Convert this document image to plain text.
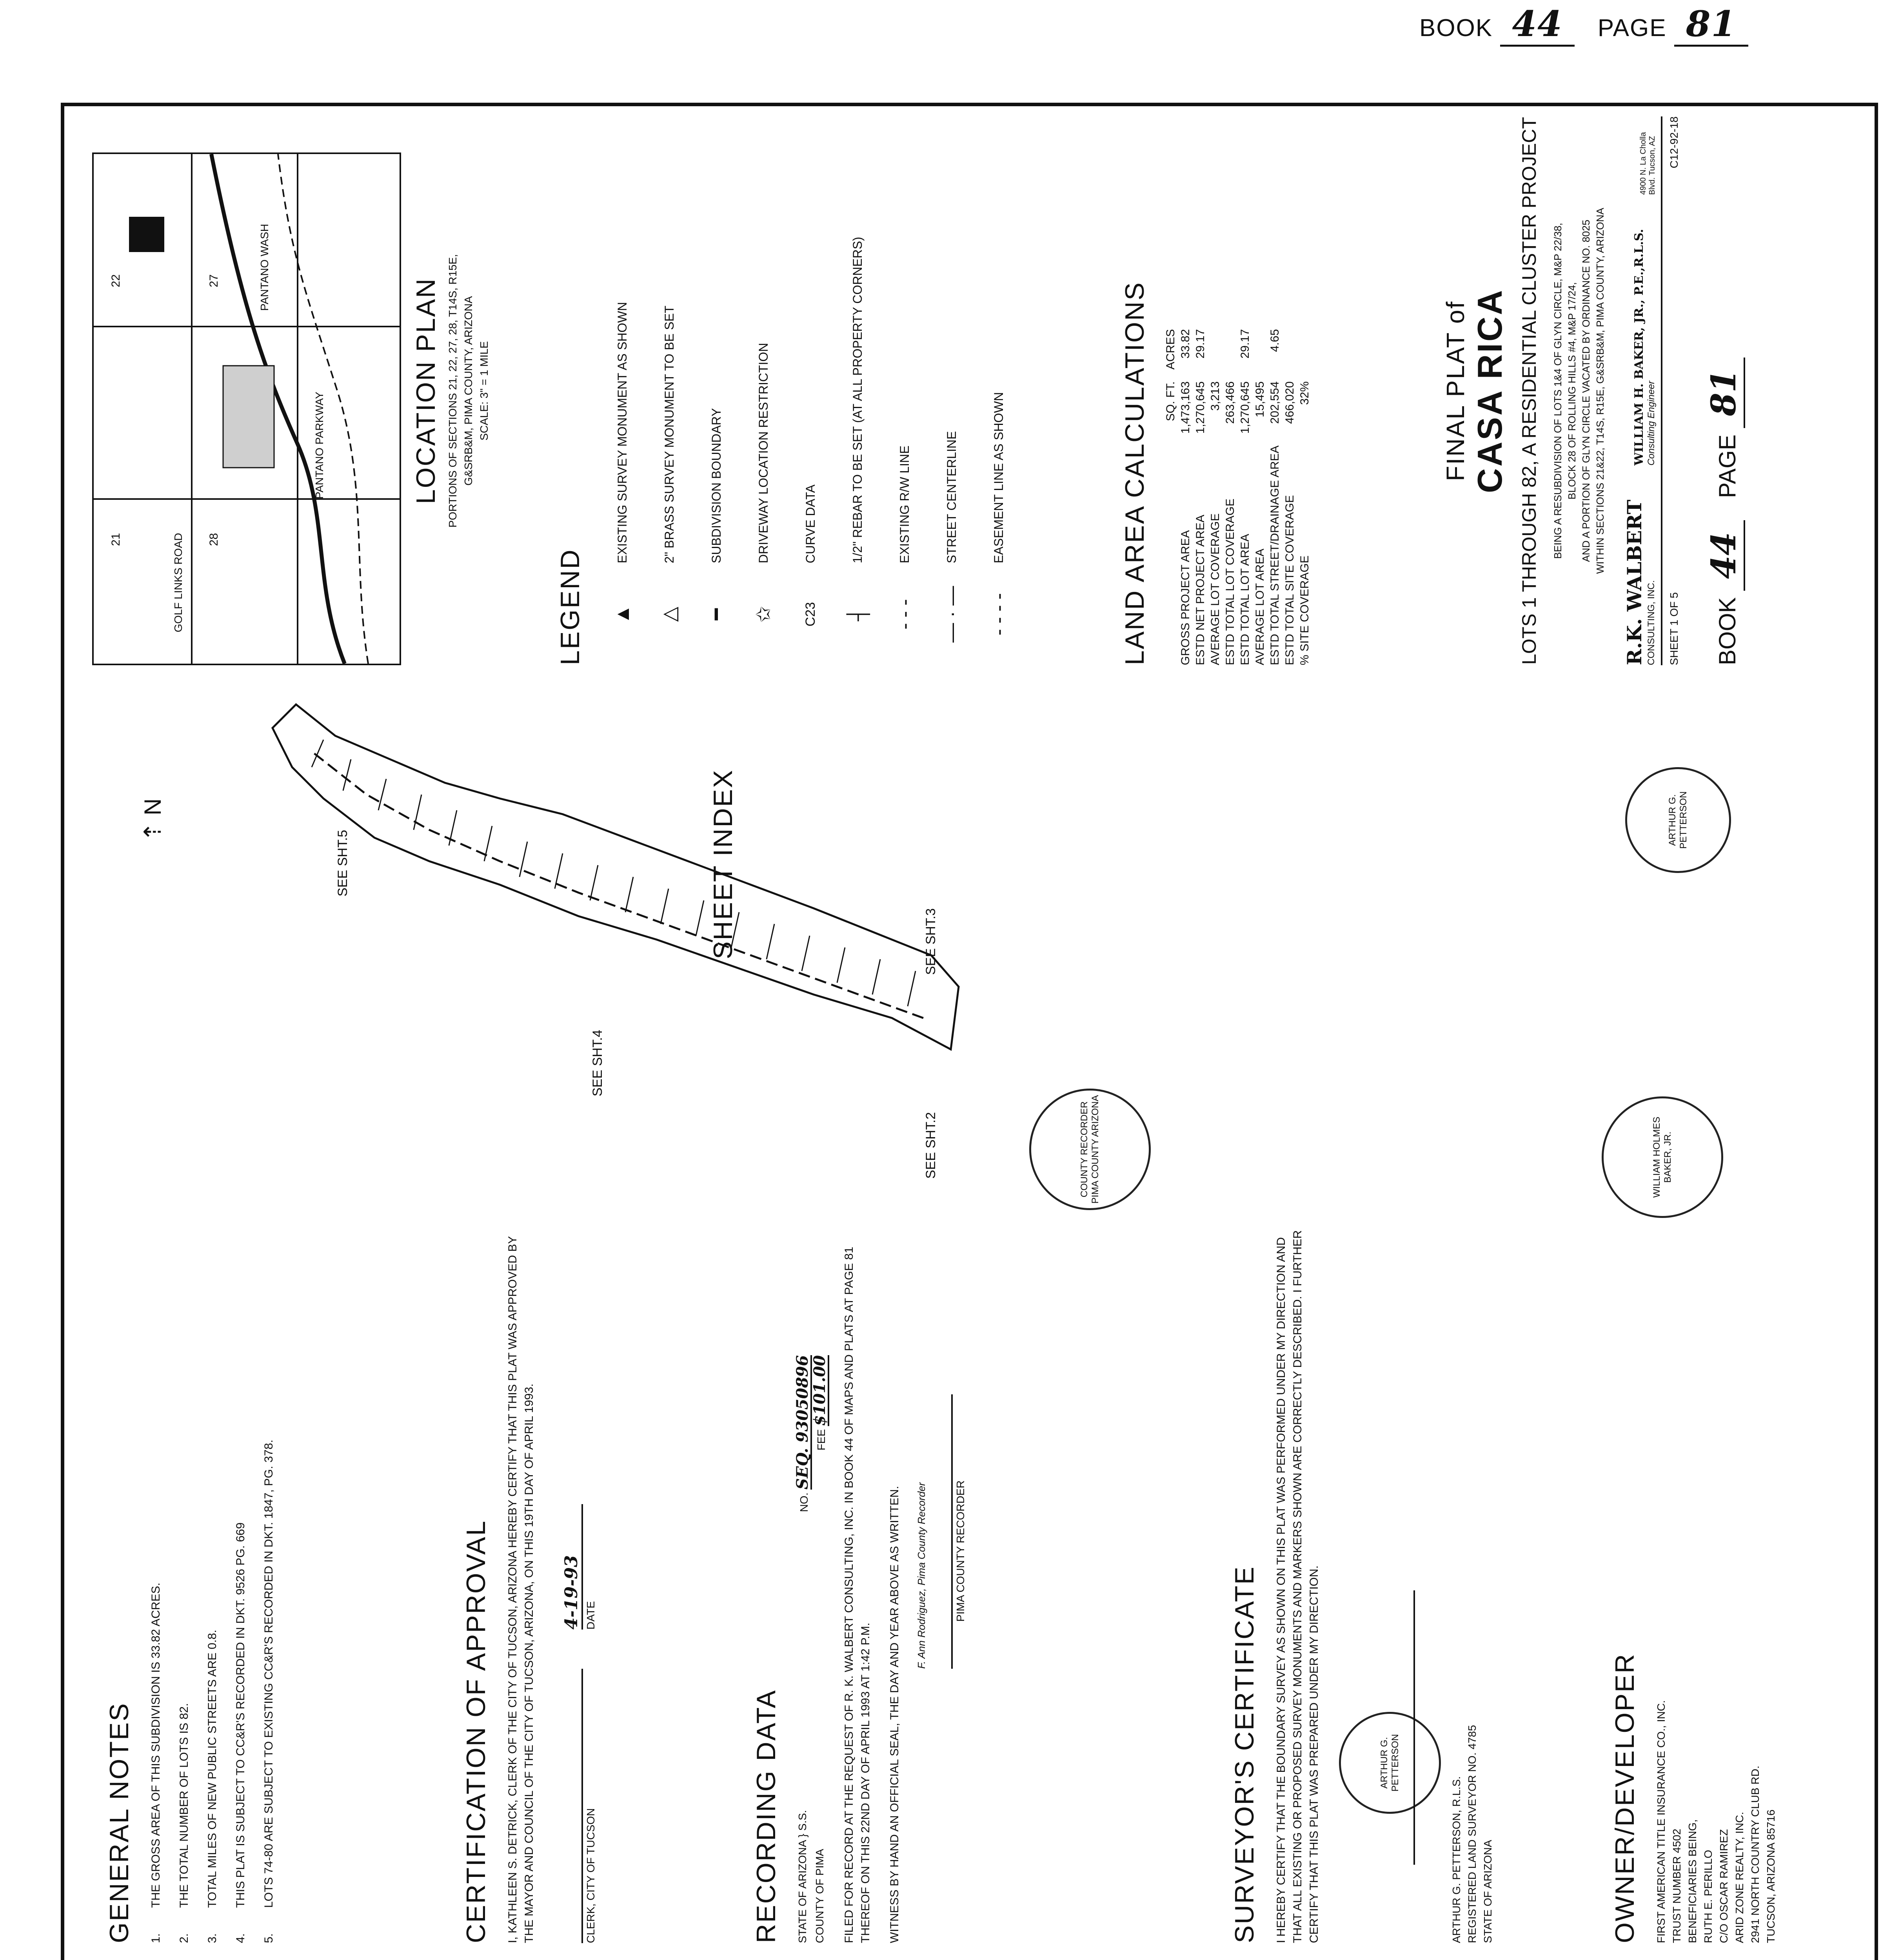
BOOK 44 PAGE 81
GENERAL NOTES 1.
THE GROSS AREA OF THIS SUBDIVISION IS 33.82 ACRES.
2.
THE TOTAL NUMBER OF LOTS IS 82.
3.
TOTAL MILES OF NEW PUBLIC STREETS ARE 0.8.
4.
THIS PLAT IS SUBJECT TO CC&R'S RECORDED IN DKT. 9526 PG. 669
5.
LOTS 74-80 ARE SUBJECT TO EXISTING CC&R'S RECORDED IN DKT. 1847, PG. 378.	CERTIFICATION OF APPROVAL I, KATHLEEN S. DETRICK, CLERK OF THE CITY OF TUCSON, ARIZONA HEREBY CERTIFY THAT THIS PLAT WAS APPROVED BY THE MAYOR AND COUNCIL OF THE CITY OF TUCSON, ARIZONA, ON THIS 19TH DAY OF APRIL 1993. 4-19-93
CLERK, CITY OF TUCSON
DATE
RECORDING DATA STATE OF ARIZONA } S.S.
NO. SEQ. 93050896
COUNTY OF PIMA
FEE $101.00 FILED FOR RECORD AT THE REQUEST OF R. K. WALBERT CONSULTING, INC. IN BOOK 44 OF MAPS AND PLATS AT PAGE 81 THEREOF ON THIS 22ND DAY OF APRIL 1993 AT 1:42 P.M. WITNESS BY HAND AN OFFICIAL SEAL, THE DAY AND YEAR ABOVE AS WRITTEN. F. Ann Rodriguez, Pima County Recorder PIMA COUNTY RECORDER
SURVEYOR'S CERTIFICATE I HEREBY CERTIFY THAT THE BOUNDARY SURVEY AS SHOWN ON THIS PLAT WAS PERFORMED UNDER MY DIRECTION AND THAT ALL EXISTING OR PROPOSED SURVEY MONUMENTS AND MARKERS SHOWN ARE CORRECTLY DESCRIBED. I FURTHER CERTIFY THAT THIS PLAT WAS PREPARED UNDER MY DIRECTION.	ARTHUR G. PETTERSON
ARTHUR G. PETTERSON, R.L.S. REGISTERED LAND SURVEYOR NO. 4785 STATE OF ARIZONA	OWNER/DEVELOPER FIRST AMERICAN TITLE INSURANCE CO., INC. TRUST NUMBER 4502 BENEFICIARIES BEING, RUTH E. PERILLO C/O OSCAR RAMIREZ ARID ZONE REALTY, INC. 2941 NORTH COUNTRY CLUB RD. TUCSON, ARIZONA 85716
COUNTY RECORDER PIMA COUNTY ARIZONA	WILLIAM HOLMES BAKER, JR.
ARTHUR G. PETTERSON
SEE SHT.2
SEE SHT.3
SEE SHT.4
SEE SHT.5	SHEET INDEX
⇡ N
PANTANO PARKWAY
GOLF LINKS ROAD
PANTANO WASH
21
22	27
28
LOCATION PLAN PORTIONS OF SECTIONS 21, 22, 27, 28, T14S, R15E, G&SRB&M, PIMA COUNTY, ARIZONA SCALE: 3" = 1 MILE
LEGEND ▲
EXISTING SURVEY MONUMENT AS SHOWN
△
2" BRASS SURVEY MONUMENT TO BE SET
━
SUBDIVISION BOUNDARY
✩
DRIVEWAY LOCATION RESTRICTION
C23
CURVE DATA
┤
1/2" REBAR TO BE SET (AT ALL PROPERTY CORNERS)
- - -
EXISTING R/W LINE
— · —
STREET CENTERLINE
- - - -
EASEMENT LINE AS SHOWN	LAND AREA CALCULATIONS
	SQ. FT.	ACRES
GROSS PROJECT AREA	1,473,163	33.82
ESTD NET PROJECT AREA	1,270,645	29.17
AVERAGE LOT COVERAGE	3,213	
ESTD TOTAL LOT COVERAGE	263,466	
ESTD TOTAL LOT AREA	1,270,645	29.17
AVERAGE LOT AREA	15,495	
ESTD TOTAL STREET/DRAINAGE AREA	202,554	4.65
ESTD TOTAL SITE COVERAGE	466,020	
% SITE COVERAGE	32%		FINAL PLAT of CASA RICA LOTS 1 THROUGH 82, A RESIDENTIAL CLUSTER PROJECT BEING A RESUBDIVISION OF LOTS 1&4 OF GLYN CIRCLE, M&P 22/38, BLOCK 28 OF ROLLING HILLS #4, M&P 17/24, AND A PORTION OF GLYN CIRCLE VACATED BY ORDINANCE NO. 8025 WITHIN SECTIONS 21&22, T14S, R15E, G&SRB&M, PIMA COUNTY, ARIZONA
R.K. WALBERT CONSULTING, INC.
WILLIAM H. BAKER, JR., P.E.,R.L.S. Consulting Engineer
4900 N. La Cholla Blvd. Tucson, AZ
SHEET 1 OF 5
C12-92-18
BOOK 44 PAGE 81
